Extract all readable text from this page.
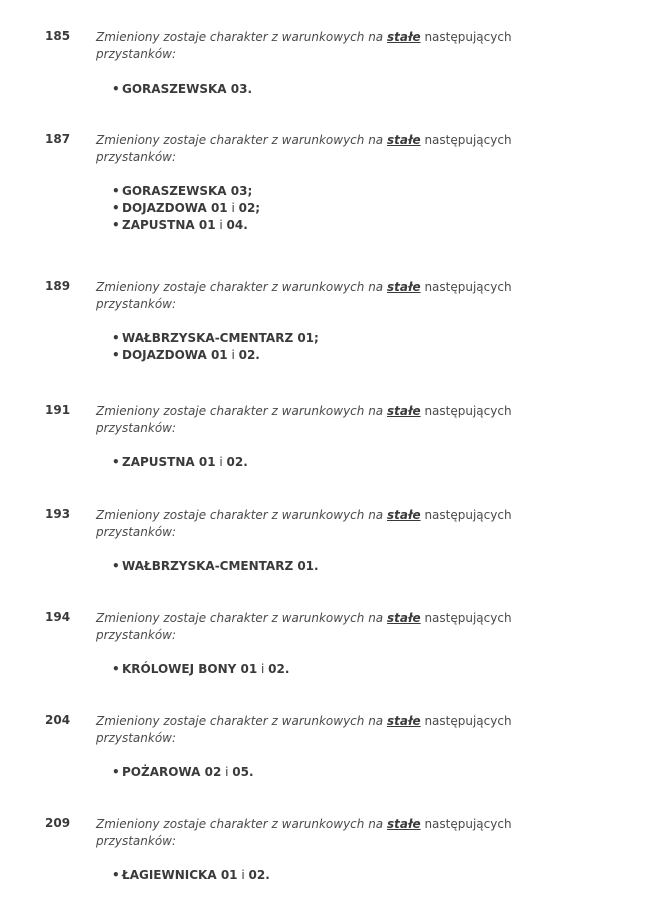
185 Zmieniony zostaje charakter z warunkowych na stałe następujących
przystanków:
• GORASZEWSKA 03.
187 Zmieniony zostaje charakter z warunkowych na stałe następujących
przystanków:
• GORASZEWSKA 03;
• DOJAZDOWA 01 i 02;
• ZAPUSTNA 01 i 04.
189 Zmieniony zostaje charakter z warunkowych na stałe następujących
przystanków:
• WAŁBRZYSKA-CMENTARZ 01;
• DOJAZDOWA 01 i 02.
191 Zmieniony zostaje charakter z warunkowych na stałe następujących
przystanków:
• ZAPUSTNA 01 i 02.
193 Zmieniony zostaje charakter z warunkowych na stałe następujących
przystanków:
• WAŁBRZYSKA-CMENTARZ 01.
194 Zmieniony zostaje charakter z warunkowych na stałe następujących
przystanków:
• KRÓLOWEJ BONY 01 i 02.
204 Zmieniony zostaje charakter z warunkowych na stałe następujących
przystanków:
• POŻAROWA 02 i 05.
209 Zmieniony zostaje charakter z warunkowych na stałe następujących
przystanków:
• ŁAGIEWNICKA 01 i 02.
